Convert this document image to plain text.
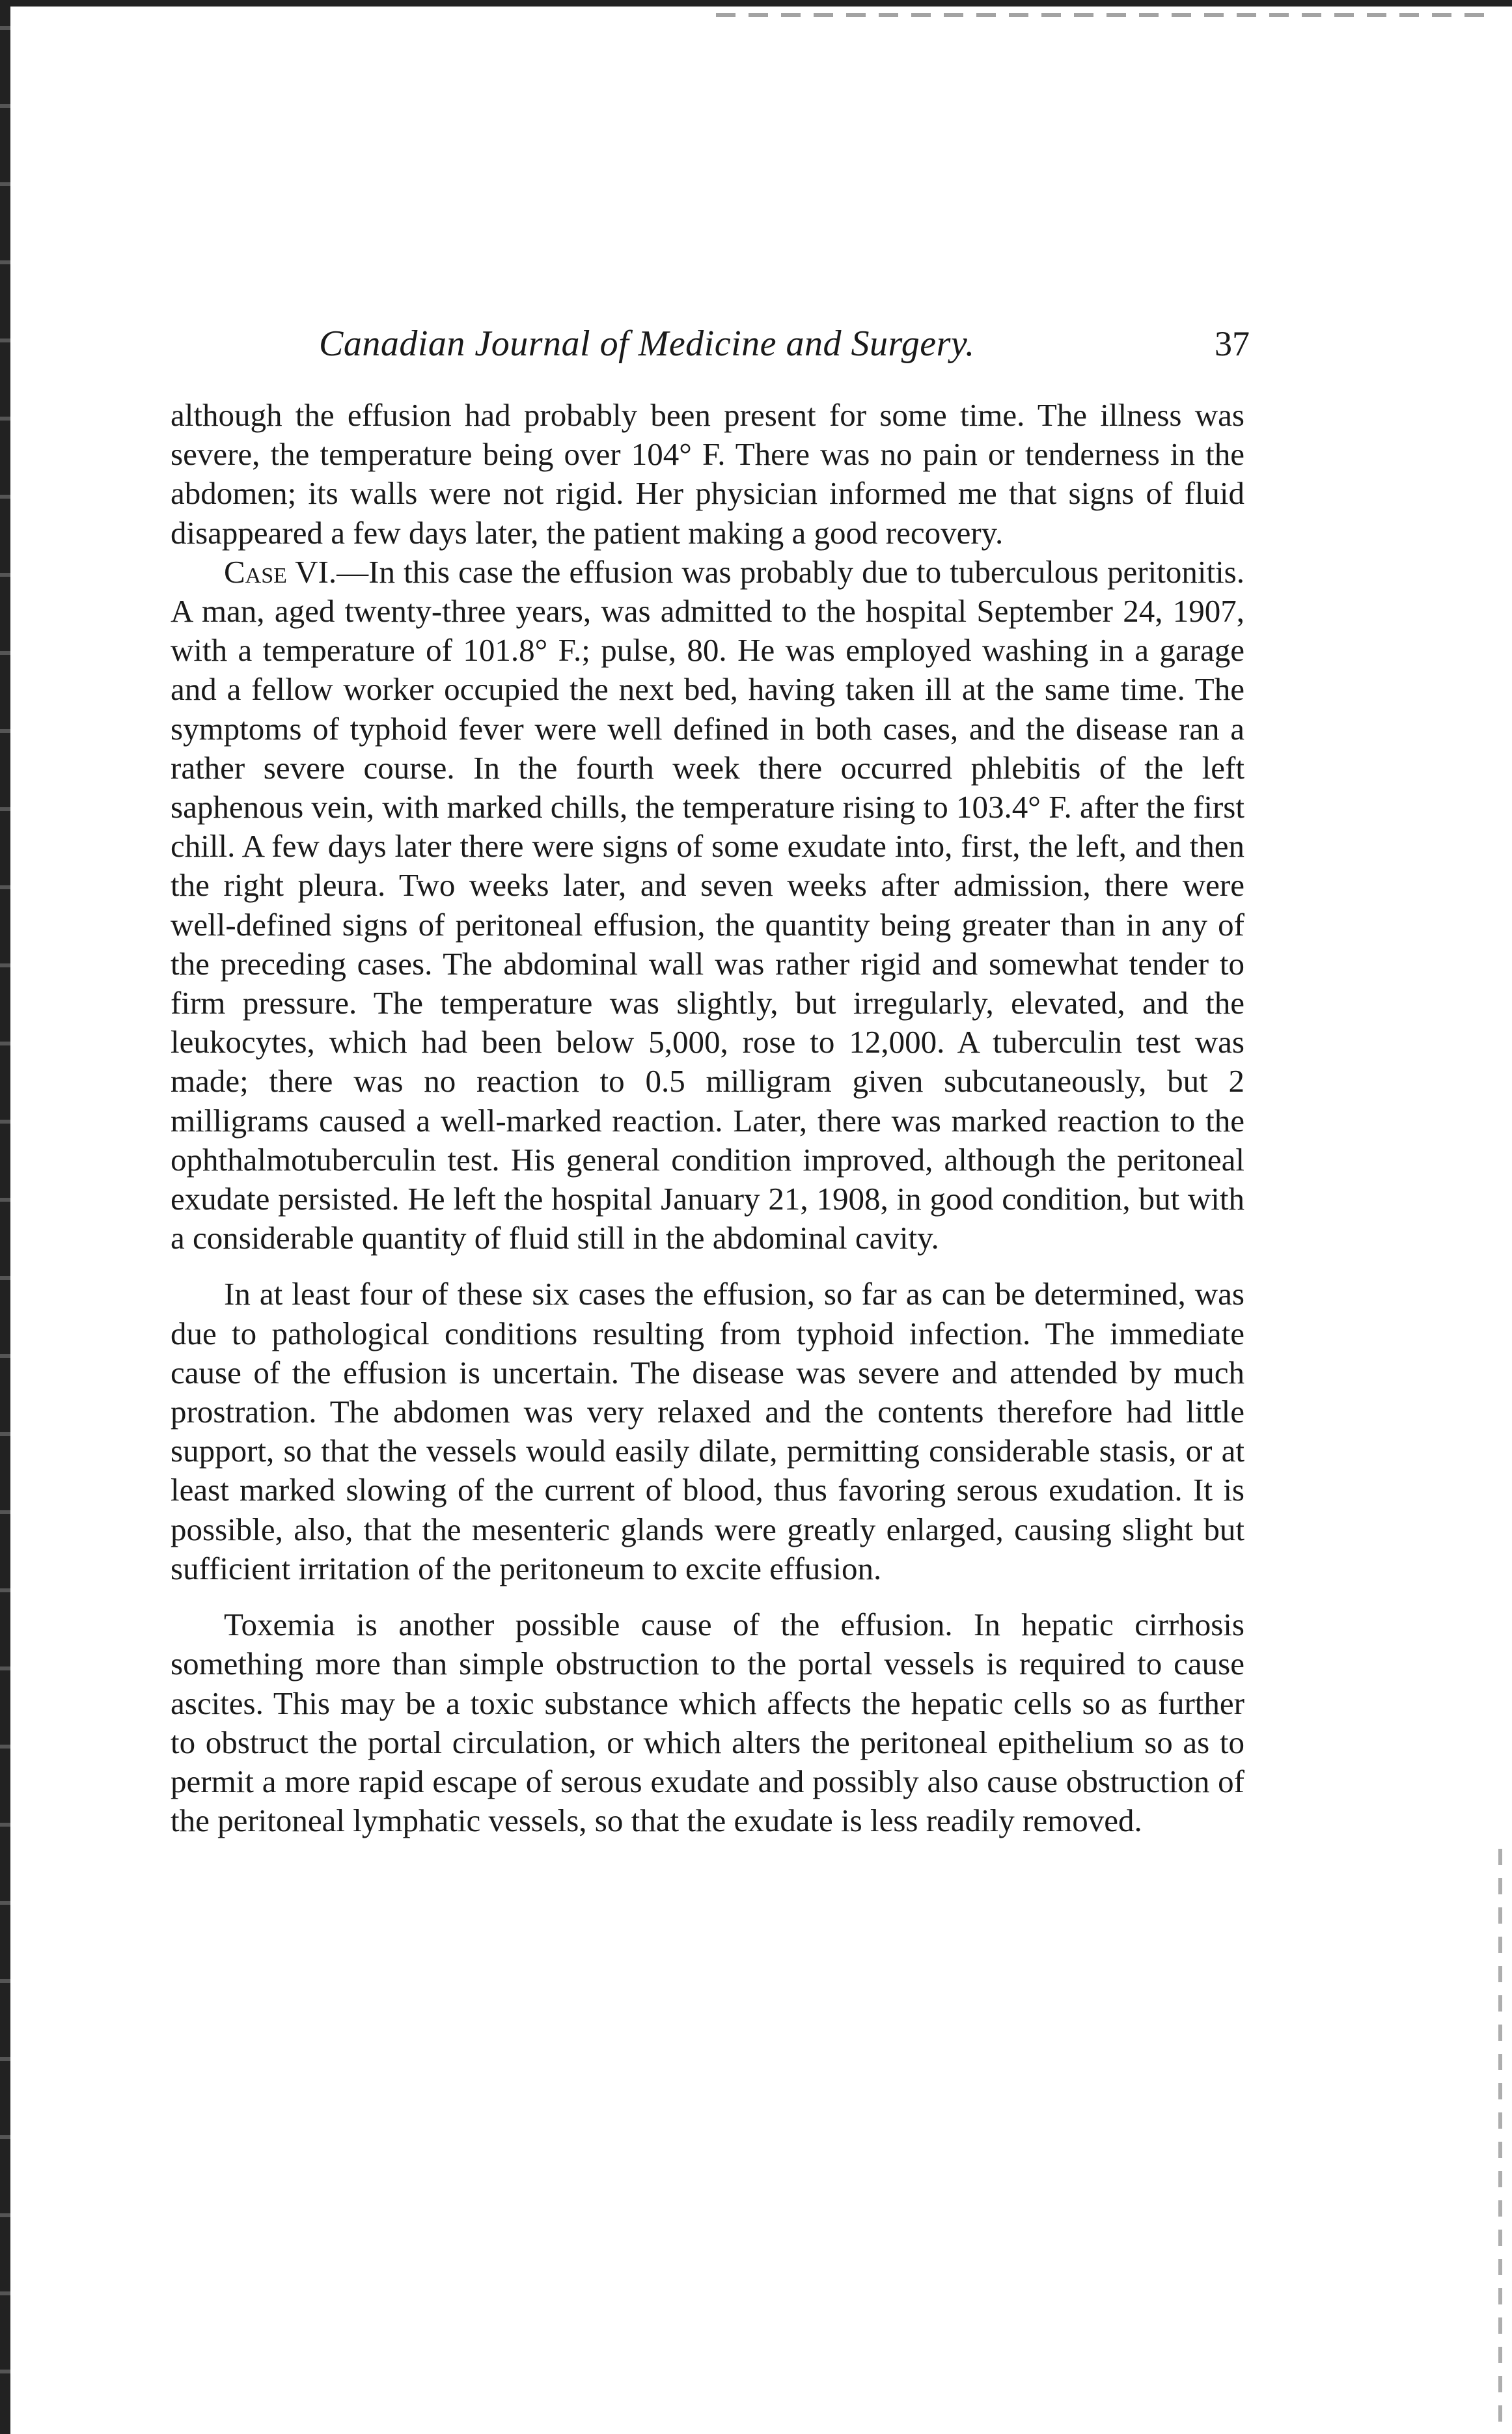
Canadian Journal of Medicine and Surgery.	37

although the effusion had probably been present for some time. The illness was severe, the temperature being over 104° F. There was no pain or tenderness in the abdomen; its walls were not rigid. Her physician informed me that signs of fluid disappeared a few days later, the patient making a good recovery.

Case VI.—In this case the effusion was probably due to tuberculous peritonitis. A man, aged twenty-three years, was admitted to the hospital September 24, 1907, with a temperature of 101.8° F.; pulse, 80. He was employed washing in a garage and a fellow worker occupied the next bed, having taken ill at the same time. The symptoms of typhoid fever were well defined in both cases, and the disease ran a rather severe course. In the fourth week there occurred phlebitis of the left saphenous vein, with marked chills, the temperature rising to 103.4° F. after the first chill. A few days later there were signs of some exudate into, first, the left, and then the right pleura. Two weeks later, and seven weeks after admission, there were well-defined signs of peritoneal effusion, the quantity being greater than in any of the preceding cases. The abdominal wall was rather rigid and somewhat tender to firm pressure. The temperature was slightly, but irregularly, elevated, and the leukocytes, which had been below 5,000, rose to 12,000. A tuberculin test was made; there was no reaction to 0.5 milligram given subcutaneously, but 2 milligrams caused a well-marked reaction. Later, there was marked reaction to the ophthalmotuberculin test. His general condition improved, although the peritoneal exudate persisted. He left the hospital January 21, 1908, in good condition, but with a considerable quantity of fluid still in the abdominal cavity.

In at least four of these six cases the effusion, so far as can be determined, was due to pathological conditions resulting from typhoid infection. The immediate cause of the effusion is uncertain. The disease was severe and attended by much prostration. The abdomen was very relaxed and the contents therefore had little support, so that the vessels would easily dilate, permitting considerable stasis, or at least marked slowing of the current of blood, thus favoring serous exudation. It is possible, also, that the mesenteric glands were greatly enlarged, causing slight but sufficient irritation of the peritoneum to excite effusion.

Toxemia is another possible cause of the effusion. In hepatic cirrhosis something more than simple obstruction to the portal vessels is required to cause ascites. This may be a toxic substance which affects the hepatic cells so as further to obstruct the portal circulation, or which alters the peritoneal epithelium so as to permit a more rapid escape of serous exudate and possibly also cause obstruction of the peritoneal lymphatic vessels, so that the exudate is less readily removed.
